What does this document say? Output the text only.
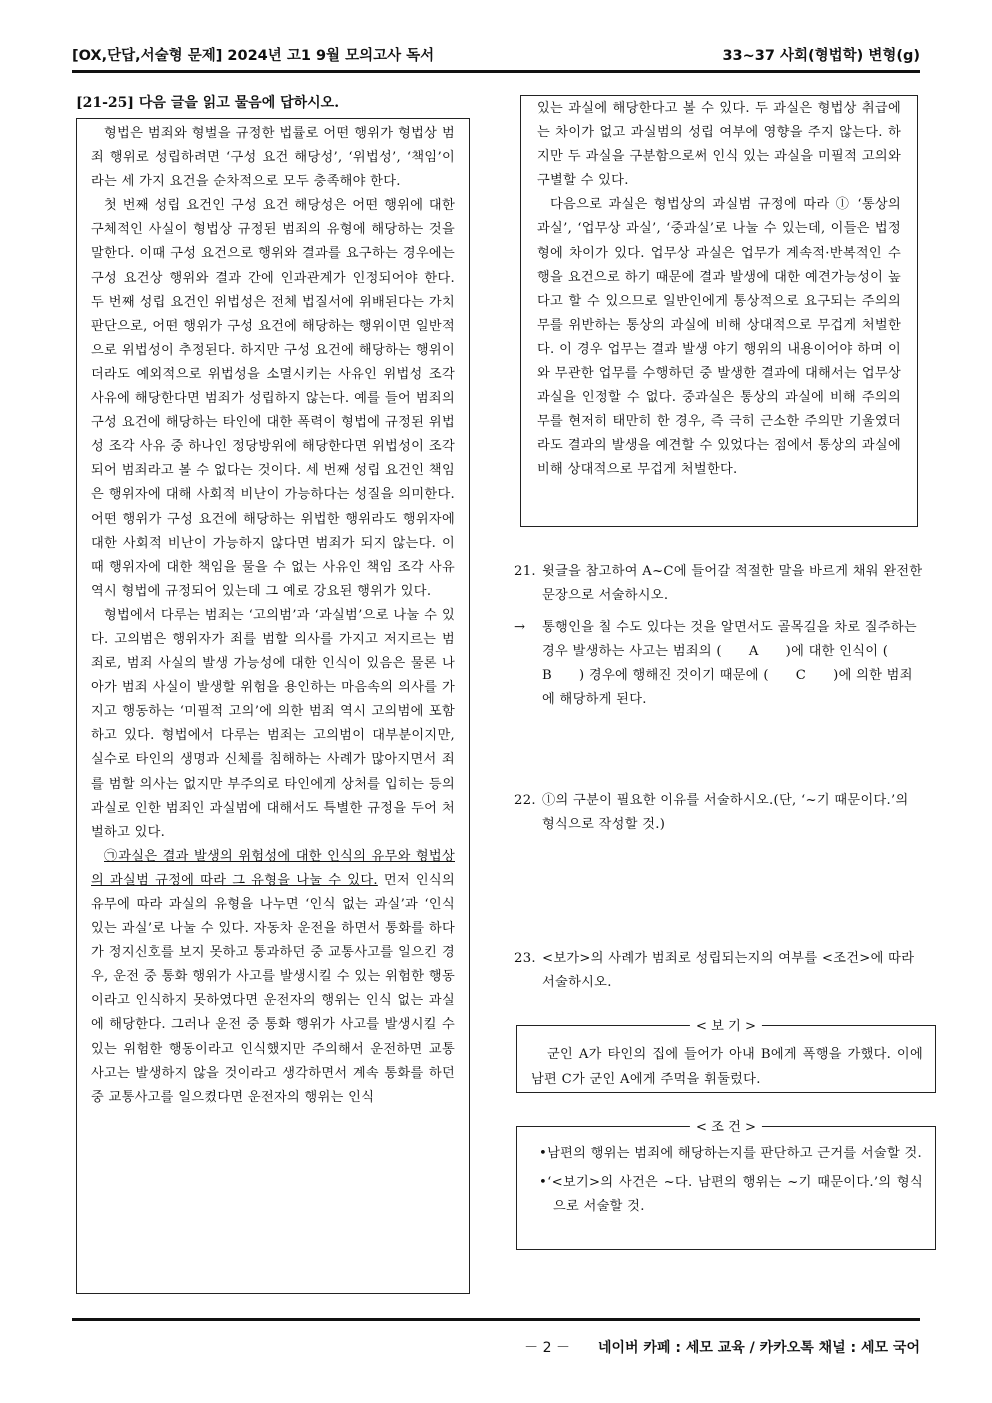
[OX,단답,서술형 문제] 2024년 고1 9월 모의고사 독서	33~37 사회(형법학) 변형(g)
[21-25] 다음 글을 읽고 물음에 답하시오.

형법은 범죄와 형벌을 규정한 법률로 어떤 행위가 형법상 범죄 행위로 성립하려면 ‘구성 요건 해당성’, ‘위법성’, ‘책임’이라는 세 가지 요건을 순차적으로 모두 충족해야 한다.

첫 번째 성립 요건인 구성 요건 해당성은 어떤 행위에 대한 구체적인 사실이 형법상 규정된 범죄의 유형에 해당하는 것을 말한다. 이때 구성 요건으로 행위와 결과를 요구하는 경우에는 구성 요건상 행위와 결과 간에 인과관계가 인정되어야 한다. 두 번째 성립 요건인 위법성은 전체 법질서에 위배된다는 가치 판단으로, 어떤 행위가 구성 요건에 해당하는 행위이면 일반적으로 위법성이 추정된다. 하지만 구성 요건에 해당하는 행위이더라도 예외적으로 위법성을 소멸시키는 사유인 위법성 조각 사유에 해당한다면 범죄가 성립하지 않는다. 예를 들어 범죄의 구성 요건에 해당하는 타인에 대한 폭력이 형법에 규정된 위법성 조각 사유 중 하나인 정당방위에 해당한다면 위법성이 조각되어 범죄라고 볼 수 없다는 것이다. 세 번째 성립 요건인 책임은 행위자에 대해 사회적 비난이 가능하다는 성질을 의미한다. 어떤 행위가 구성 요건에 해당하는 위법한 행위라도 행위자에 대한 사회적 비난이 가능하지 않다면 범죄가 되지 않는다. 이때 행위자에 대한 책임을 물을 수 없는 사유인 책임 조각 사유 역시 형법에 규정되어 있는데 그 예로 강요된 행위가 있다.

형법에서 다루는 범죄는 ‘고의범’과 ‘과실범’으로 나눌 수 있다. 고의범은 행위자가 죄를 범할 의사를 가지고 저지르는 범죄로, 범죄 사실의 발생 가능성에 대한 인식이 있음은 물론 나아가 범죄 사실이 발생할 위험을 용인하는 마음속의 의사를 가지고 행동하는 ‘미필적 고의’에 의한 범죄 역시 고의범에 포함하고 있다. 형법에서 다루는 범죄는 고의범이 대부분이지만, 실수로 타인의 생명과 신체를 침해하는 사례가 많아지면서 죄를 범할 의사는 없지만 부주의로 타인에게 상처를 입히는 등의 과실로 인한 범죄인 과실범에 대해서도 특별한 규정을 두어 처벌하고 있다.

㉠과실은 결과 발생의 위험성에 대한 인식의 유무와 형법상의 과실범 규정에 따라 그 유형을 나눌 수 있다. 먼저 인식의 유무에 따라 과실의 유형을 나누면 ‘인식 없는 과실’과 ‘인식 있는 과실’로 나눌 수 있다. 자동차 운전을 하면서 통화를 하다가 정지신호를 보지 못하고 통과하던 중 교통사고를 일으킨 경우, 운전 중 통화 행위가 사고를 발생시킬 수 있는 위험한 행동이라고 인식하지 못하였다면 운전자의 행위는 인식 없는 과실에 해당한다. 그러나 운전 중 통화 행위가 사고를 발생시킬 수 있는 위험한 행동이라고 인식했지만 주의해서 운전하면 교통사고는 발생하지 않을 것이라고 생각하면서 계속 통화를 하던 중 교통사고를 일으켰다면 운전자의 행위는 인식

있는 과실에 해당한다고 볼 수 있다. 두 과실은 형법상 취급에는 차이가 없고 과실범의 성립 여부에 영향을 주지 않는다. 하지만 두 과실을 구분함으로써 인식 있는 과실을 미필적 고의와 구별할 수 있다.

다음으로 과실은 형법상의 과실범 규정에 따라 ⓛ ‘통상의 과실’, ‘업무상 과실’, ‘중과실’로 나눌 수 있는데, 이들은 법정형에 차이가 있다. 업무상 과실은 업무가 계속적·반복적인 수행을 요건으로 하기 때문에 결과 발생에 대한 예견가능성이 높다고 할 수 있으므로 일반인에게 통상적으로 요구되는 주의의무를 위반하는 통상의 과실에 비해 상대적으로 무겁게 처벌한다. 이 경우 업무는 결과 발생 야기 행위의 내용이어야 하며 이와 무관한 업무를 수행하던 중 발생한 결과에 대해서는 업무상 과실을 인정할 수 없다. 중과실은 통상의 과실에 비해 주의의무를 현저히 태만히 한 경우, 즉 극히 근소한 주의만 기울였더라도 결과의 발생을 예견할 수 있었다는 점에서 통상의 과실에 비해 상대적으로 무겁게 처벌한다.

21. 윗글을 참고하여 A~C에 들어갈 적절한 말을 바르게 채워 완전한 문장으로 서술하시오.
→ 통행인을 칠 수도 있다는 것을 알면서도 골목길을 차로 질주하는 경우 발생하는 사고는 범죄의 (　　A　　)에 대한 인식이 (　　B　　) 경우에 행해진 것이기 때문에 (　　C　　)에 의한 범죄에 해당하게 된다.
22. ⓛ의 구분이 필요한 이유를 서술하시오.(단, ‘~기 때문이다.’의 형식으로 작성할 것.)
23. <보가>의 사례가 범죄로 성립되는지의 여부를 <조건>에 따라 서술하시오.
< 보 기 >
군인 A가 타인의 집에 들어가 아내 B에게 폭행을 가했다. 이에 남편 C가 군인 A에게 주먹을 휘둘렀다.
< 조 건 >

•남편의 행위는 범죄에 해당하는지를 판단하고 근거를 서술할 것.

•‘<보기>의 사건은 ~다. 남편의 행위는 ~기 때문이다.’의 형식으로 서술할 것.

－ 2 － 네이버 카페 : 세모 교육 / 카카오톡 채널 : 세모 국어
